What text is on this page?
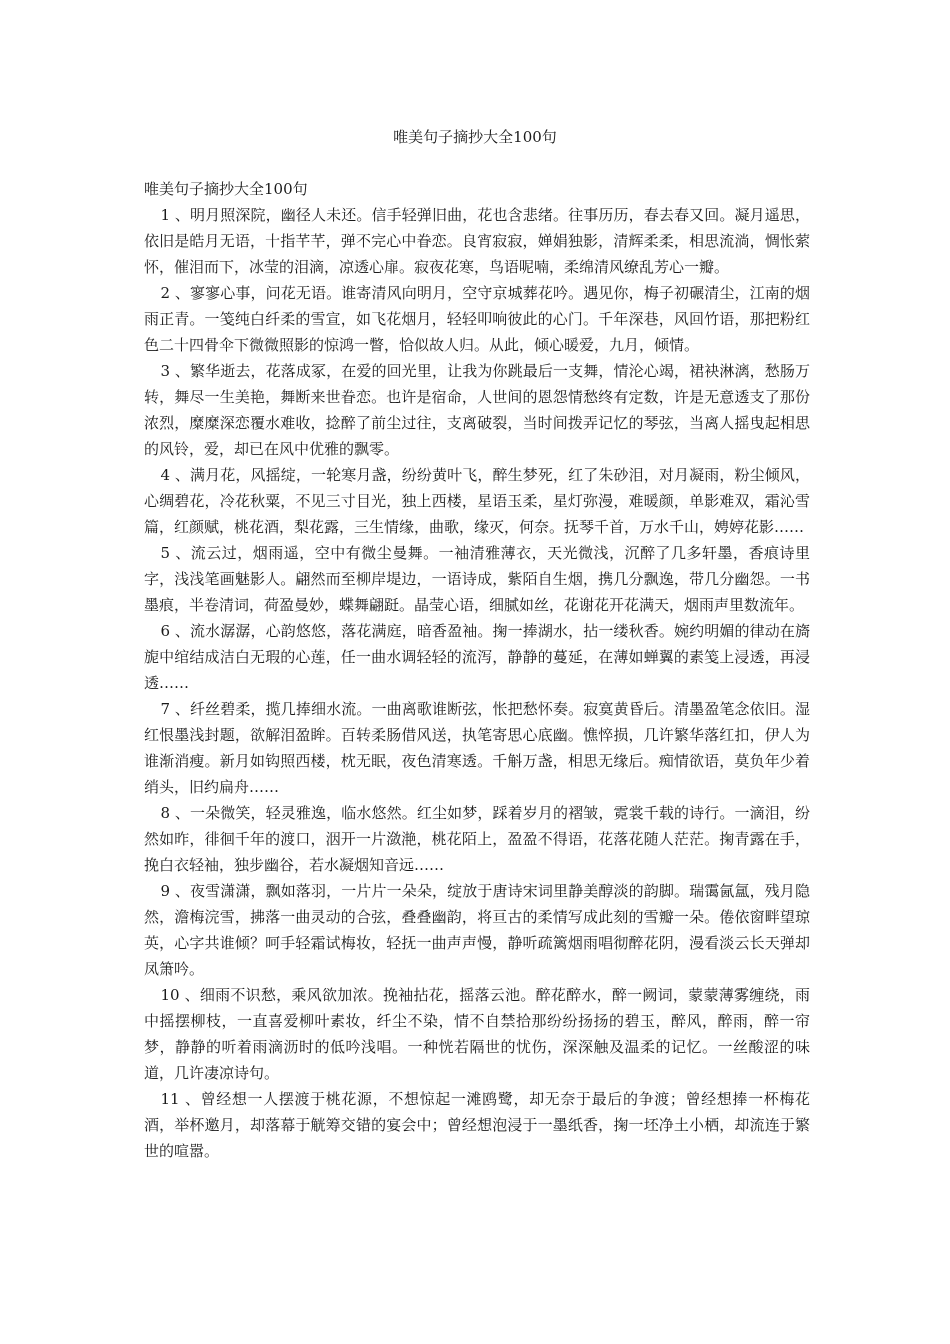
唯美句子摘抄大全100句

唯美句子摘抄大全100句

1 、明月照深院，幽径人未还。信手轻弹旧曲，花也含悲绪。往事历历，春去春又回。凝月遥思，依旧是皓月无语，十指芊芊，弹不完心中眷恋。良宵寂寂，婵娟独影，清辉柔柔，相思流淌，惆怅萦怀，催泪而下，冰莹的泪滴，凉透心扉。寂夜花寒，鸟语呢喃，柔绵清风缭乱芳心一瓣。

2 、寥寥心事，问花无语。谁寄清风向明月，空守京城葬花吟。遇见你，梅子初碾清尘，江南的烟雨正青。一笺纯白纤柔的雪宣，如飞花烟月，轻轻叩响彼此的心门。千年深巷，风回竹语，那把粉红色二十四骨伞下微微照影的惊鸿一瞥，恰似故人归。从此，倾心暖爱，九月，倾情。

3 、繁华逝去，花落成冢，在爱的回光里，让我为你跳最后一支舞，情沦心竭，裙袂淋漓，愁肠万转，舞尽一生美艳，舞断来世眷恋。也许是宿命，人世间的恩怨情愁终有定数，许是无意透支了那份浓烈，糜糜深恋覆水难收，捻醉了前尘过往，支离破裂，当时间拨弄记忆的琴弦，当离人摇曳起相思的风铃，爱，却已在风中优雅的飘零。

4 、满月花，风摇绽，一轮寒月盏，纷纷黄叶飞，醉生梦死，红了朱砂泪，对月凝雨，粉尘倾风，心绸碧花，冷花秋粟，不见三寸目光，独上西楼，星语玉柔，星灯弥漫，难暖颜，单影难双，霜沁雪篇，红颜赋，桃花酒，梨花露，三生情缘，曲歌，缘灭，何奈。抚琴千首，万水千山，娉婷花影……

5 、流云过，烟雨遥，空中有微尘曼舞。一袖清雅薄衣，天光微浅，沉醉了几多轩墨，香痕诗里字，浅浅笔画魅影人。翩然而至柳岸堤边，一语诗成，紫陌自生烟，携几分飘逸，带几分幽怨。一书墨痕，半卷清词，荷盈曼妙，蝶舞翩跹。晶莹心语，细腻如丝，花谢花开花满天，烟雨声里数流年。

6 、流水潺潺，心韵悠悠，落花满庭，暗香盈袖。掬一捧湖水，拈一缕秋香。婉约明媚的律动在旖旎中绾结成洁白无瑕的心莲，任一曲水调轻轻的流泻，静静的蔓延，在薄如蝉翼的素笺上浸透，再浸透……

7 、纤丝碧柔，揽几捧细水流。一曲离歌谁断弦，怅把愁怀奏。寂寞黄昏后。清墨盈笔念依旧。湿红恨墨浅封题，欲解泪盈眸。百转柔肠借风送，执笔寄思心底幽。憔悴损，几许繁华落红扣，伊人为谁渐消瘦。新月如钩照西楼，枕无眠，夜色清寒透。千斛万盏，相思无缘后。痴情欲语，莫负年少着绡头，旧约扁舟……

8 、一朵微笑，轻灵雅逸，临水悠然。红尘如梦，踩着岁月的褶皱，霓裳千载的诗行。一滴泪，纷然如昨，徘徊千年的渡口，洇开一片潋滟，桃花陌上，盈盈不得语，花落花随人茫茫。掬青露在手，挽白衣轻袖，独步幽谷，若水凝烟知音远……

9 、夜雪潇潇，飘如落羽，一片片一朵朵，绽放于唐诗宋词里静美醇淡的韵脚。瑞霭氤氲，残月隐然，澹梅浣雪，拂落一曲灵动的合弦，叠叠幽韵，将亘古的柔情写成此刻的雪瓣一朵。倦依窗畔望琼英，心字共谁倾？呵手轻霜试梅妆，轻抚一曲声声慢，静听疏篱烟雨唱彻醉花阴，漫看淡云长天弹却凤箫吟。

10 、细雨不识愁，乘风欲加浓。挽袖拈花，摇落云池。醉花醉水，醉一阙词，蒙蒙薄雾缠绕，雨中摇摆柳枝，一直喜爱柳叶素妆，纤尘不染，情不自禁拾那纷纷扬扬的碧玉，醉风，醉雨，醉一帘梦，静静的听着雨滴沥时的低吟浅唱。一种恍若隔世的忧伤，深深触及温柔的记忆。一丝酸涩的味道，几许凄凉诗句。

11 、曾经想一人摆渡于桃花源，不想惊起一滩鸥鹭，却无奈于最后的争渡；曾经想捧一杯梅花酒，举杯邀月，却落幕于觥筹交错的宴会中；曾经想泡浸于一墨纸香，掬一坯净土小栖，却流连于繁世的喧嚣。
